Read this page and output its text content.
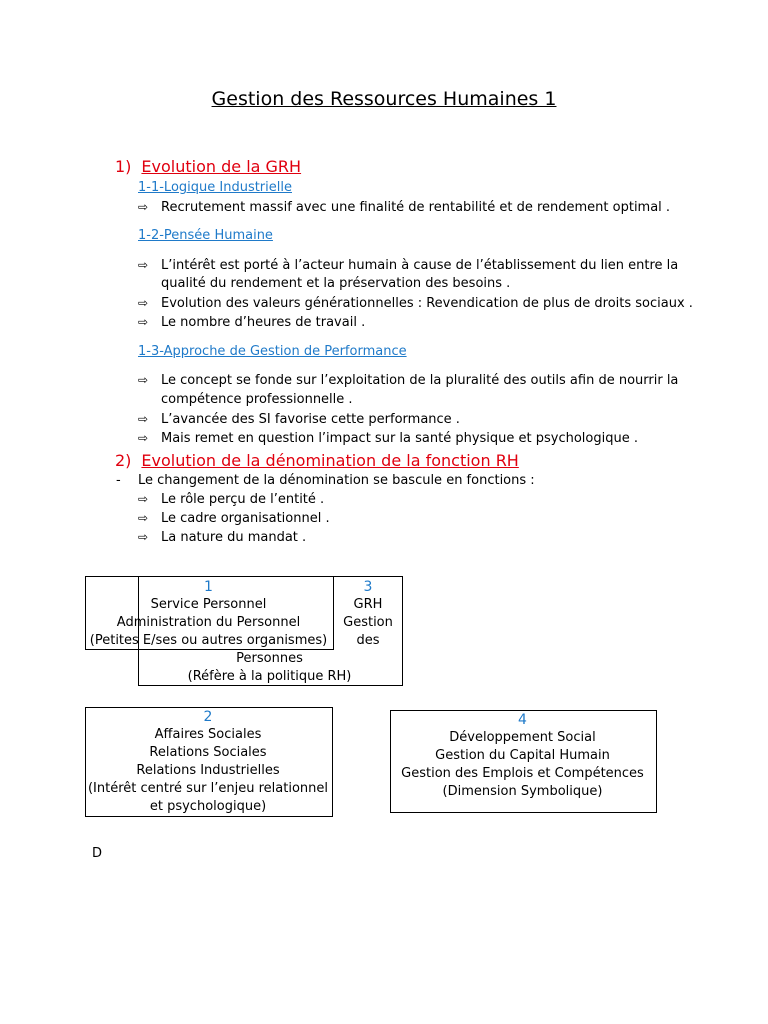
Gestion des Ressources Humaines 1
1) Evolution de la GRH
1-1-Logique Industrielle
⇨ Recrutement massif avec une finalité de rentabilité et de rendement optimal .
1-2-Pensée Humaine
⇨ L’intérêt est porté à l’acteur humain à cause de l’établissement du lien entre la
qualité du rendement et la préservation des besoins .
⇨ Evolution des valeurs générationnelles : Revendication de plus de droits sociaux .
⇨ Le nombre d’heures de travail .
1-3-Approche de Gestion de Performance
⇨ Le concept se fonde sur l’exploitation de la pluralité des outils afin de nourrir la
compétence professionnelle .
⇨ L’avancée des SI favorise cette performance .
⇨ Mais remet en question l’impact sur la santé physique et psychologique .
2) Evolution de la dénomination de la fonction RH
- Le changement de la dénomination se bascule en fonctions :
⇨ Le rôle perçu de l’entité .
⇨ Le cadre organisationnel .
⇨ La nature du mandat .
1
Service Personnel
Administration du Personnel
(Petites E/ses ou autres organismes)
3
GRH
Gestion
des
Personnes
(Réfère à la politique RH)
2
Affaires Sociales
Relations Sociales
Relations Industrielles
(Intérêt centré sur l’enjeu relationnel
et psychologique)
4
Développement Social
Gestion du Capital Humain
Gestion des Emplois et Compétences
(Dimension Symbolique)
D
